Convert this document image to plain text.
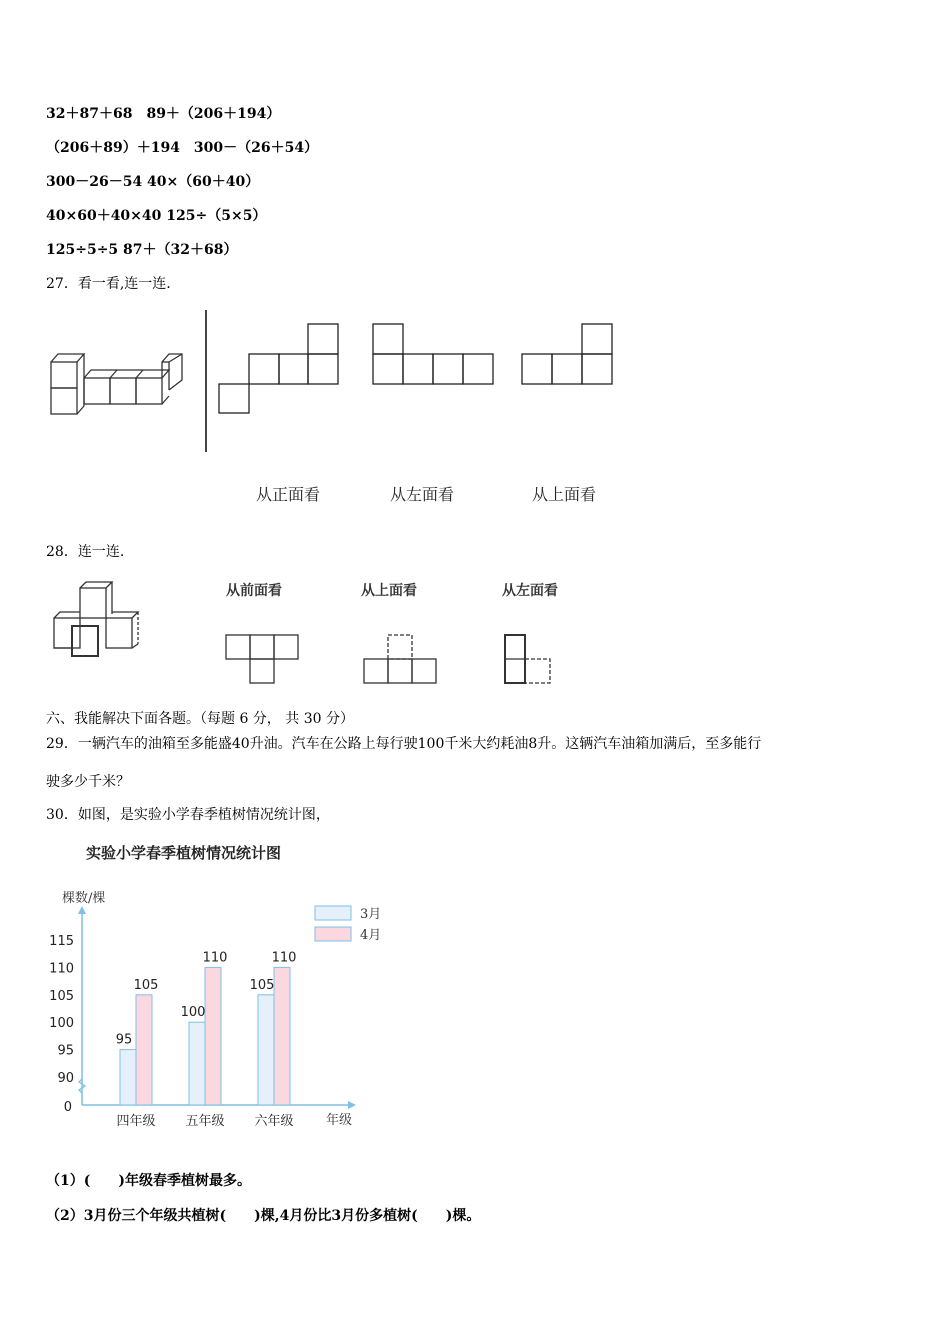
32＋87＋68　89＋（206＋194）
（206＋89）＋194　300－（26＋54）
300－26－54 40×（60＋40）
40×60＋40×40 125÷（5×5）
125÷5÷5 87＋（32＋68）
27．看一看,连一连.
从正面看	从左面看	从上面看
28．连一连.
从前面看	从上面看	从左面看
六、我能解决下面各题。（每题 6 分， 共 30 分）
29．一辆汽车的油箱至多能盛40升油。汽车在公路上每行驶100千米大约耗油8升。这辆汽车油箱加满后，至多能行
驶多少千米？
30．如图，是实验小学春季植树情况统计图，
实验小学春季植树情况统计图
棵数/棵
年级
0
90
95
100
105
110
115
四年级
95
105
五年级
100
110
六年级
105
110
3月
4月
（1）(　　)年级春季植树最多。
（2）3月份三个年级共植树(　　)棵,4月份比3月份多植树(　　)棵。
